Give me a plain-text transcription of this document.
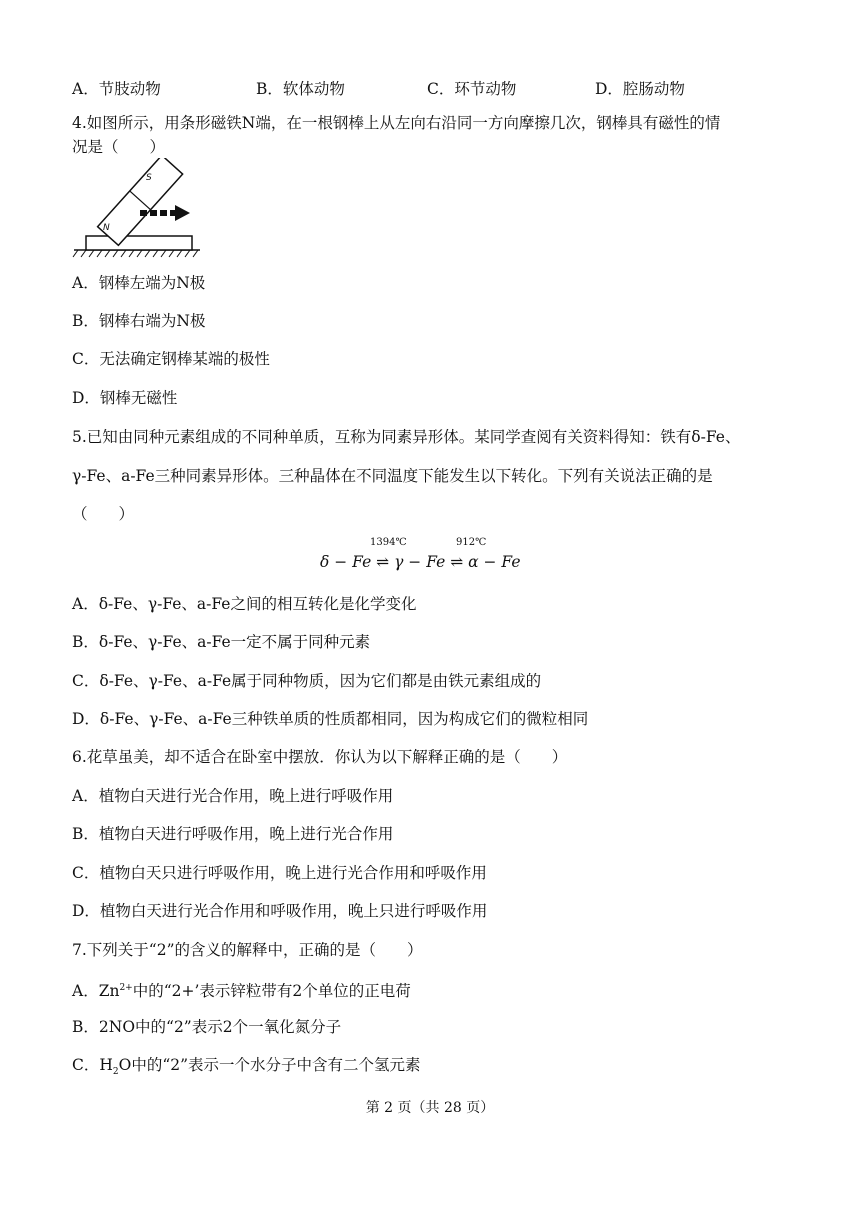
A．节肢动物	B．软体动物	C．环节动物	D．腔肠动物
4.如图所示，用条形磁铁N端，在一根钢棒上从左向右沿同一方向摩擦几次，钢棒具有磁性的情
况是（　　）
S
N
A．钢棒左端为N极
B．钢棒右端为N极
C．无法确定钢棒某端的极性
D．钢棒无磁性
5.已知由同种元素组成的不同种单质，互称为同素异形体。某同学查阅有关资料得知：铁有δ-Fe、
γ-Fe、a-Fe三种同素异形体。三种晶体在不同温度下能发生以下转化。下列有关说法正确的是
（　　）
1394℃	912℃
δ − Fe ⇌ γ − Fe ⇌ α − Fe
A．δ-Fe、γ-Fe、a-Fe之间的相互转化是化学变化
B．δ-Fe、γ-Fe、a-Fe一定不属于同种元素
C．δ-Fe、γ-Fe、a-Fe属于同种物质，因为它们都是由铁元素组成的
D．δ-Fe、γ-Fe、a-Fe三种铁单质的性质都相同，因为构成它们的微粒相同
6.花草虽美，却不适合在卧室中摆放．你认为以下解释正确的是（　　）
A．植物白天进行光合作用，晚上进行呼吸作用
B．植物白天进行呼吸作用，晚上进行光合作用
C．植物白天只进行呼吸作用，晚上进行光合作用和呼吸作用
D．植物白天进行光合作用和呼吸作用，晚上只进行呼吸作用
7.下列关于“2”的含义的解释中，正确的是（　　）
A．$Zn^{2+}$中的“2+’表示锌粒带有2个单位的正电荷
B．2NO中的“2”表示2个一氧化氮分子
C．$H_2O$中的“2”表示一个水分子中含有二个氢元素
第 2 页（共 28 页）
